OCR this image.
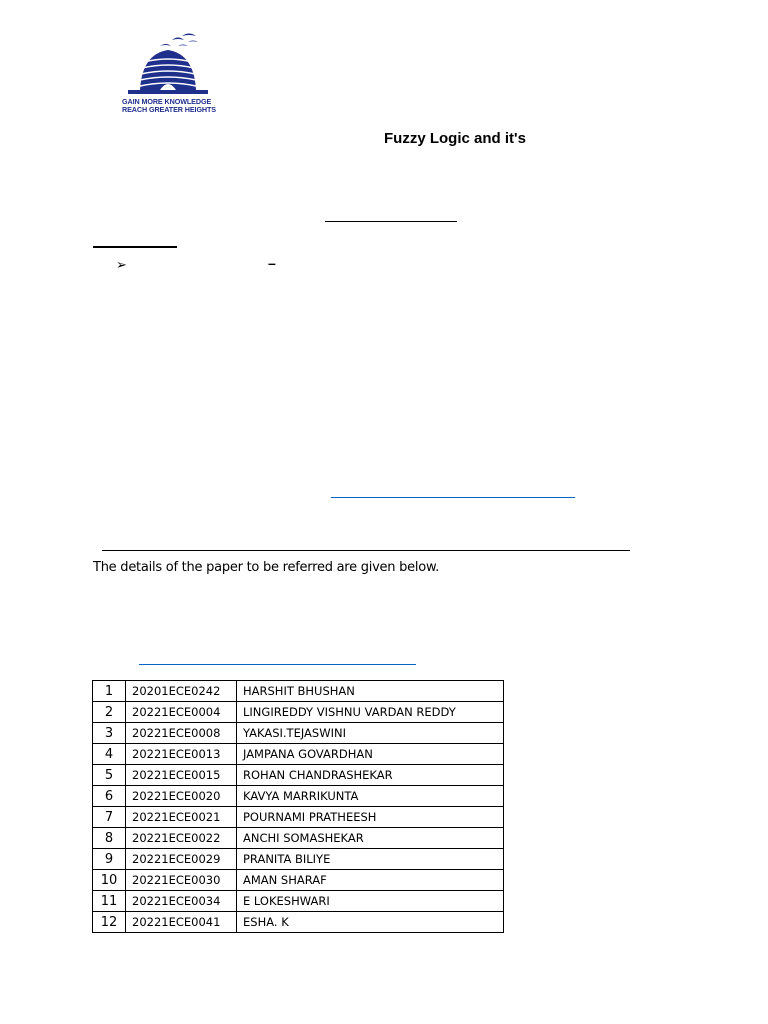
GAIN MORE KNOWLEDGE
REACH GREATER HEIGHTS
Fuzzy Logic and it's
➢	–
The details of the paper to be referred are given below.
1	20201ECE0242	HARSHIT BHUSHAN
2	20221ECE0004	LINGIREDDY VISHNU VARDAN REDDY
3	20221ECE0008	YAKASI.TEJASWINI
4	20221ECE0013	JAMPANA GOVARDHAN
5	20221ECE0015	ROHAN CHANDRASHEKAR
6	20221ECE0020	KAVYA MARRIKUNTA
7	20221ECE0021	POURNAMI PRATHEESH
8	20221ECE0022	ANCHI SOMASHEKAR
9	20221ECE0029	PRANITA BILIYE
10	20221ECE0030	AMAN SHARAF
11	20221ECE0034	E LOKESHWARI
12	20221ECE0041	ESHA. K
